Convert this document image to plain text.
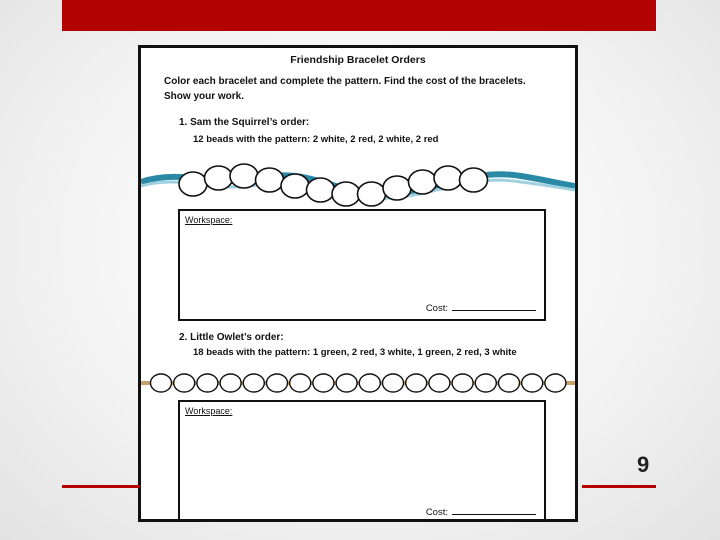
Friendship Bracelet Orders
Color each bracelet and complete the pattern. Find the cost of the bracelets. Show your work.
1. Sam the Squirrel’s order:
12 beads with the pattern: 2 white, 2 red, 2 white, 2 red
Workspace:
Cost:
2. Little Owlet’s order:
18 beads with the pattern: 1 green, 2 red, 3 white, 1 green, 2 red, 3 white
Workspace:
Cost:
9
